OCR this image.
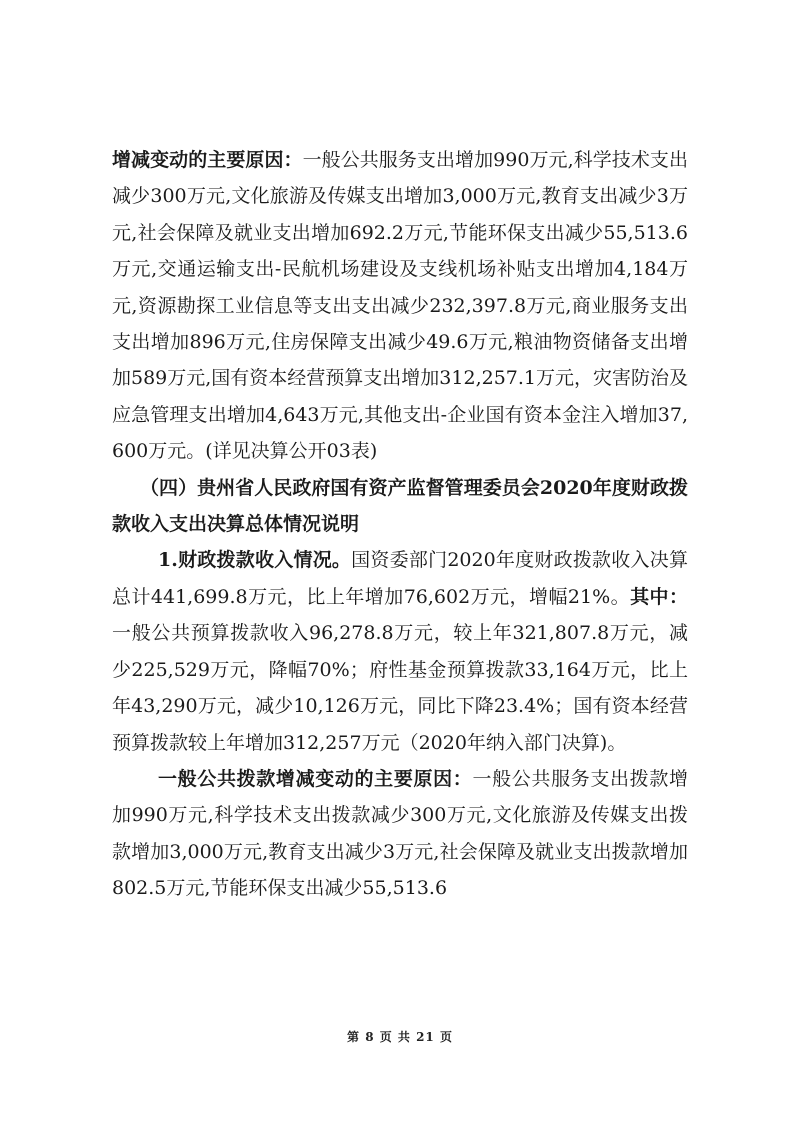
增减变动的主要原因：一般公共服务支出增加990万元,科学技术支出减少300万元,文化旅游及传媒支出增加3,000万元,教育支出减少3万元,社会保障及就业支出增加692.2万元,节能环保支出减少55,513.6万元,交通运输支出-民航机场建设及支线机场补贴支出增加4,184万元,资源勘探工业信息等支出支出减少232,397.8万元,商业服务支出支出增加896万元,住房保障支出减少49.6万元,粮油物资储备支出增加589万元,国有资本经营预算支出增加312,257.1万元，灾害防治及应急管理支出增加4,643万元,其他支出-企业国有资本金注入增加37,600万元。(详见决算公开03表)

（四）贵州省人民政府国有资产监督管理委员会2020年度财政拨款收入支出决算总体情况说明

1.财政拨款收入情况。国资委部门2020年度财政拨款收入决算总计441,699.8万元，比上年增加76,602万元，增幅21%。其中：一般公共预算拨款收入96,278.8万元，较上年321,807.8万元，减少225,529万元，降幅70%；府性基金预算拨款33,164万元，比上年43,290万元，减少10,126万元，同比下降23.4%；国有资本经营预算拨款较上年增加312,257万元（2020年纳入部门决算)。

一般公共拨款增减变动的主要原因：一般公共服务支出拨款增加990万元,科学技术支出拨款减少300万元,文化旅游及传媒支出拨款增加3,000万元,教育支出减少3万元,社会保障及就业支出拨款增加802.5万元,节能环保支出减少55,513.6

第 8 页 共 21 页
